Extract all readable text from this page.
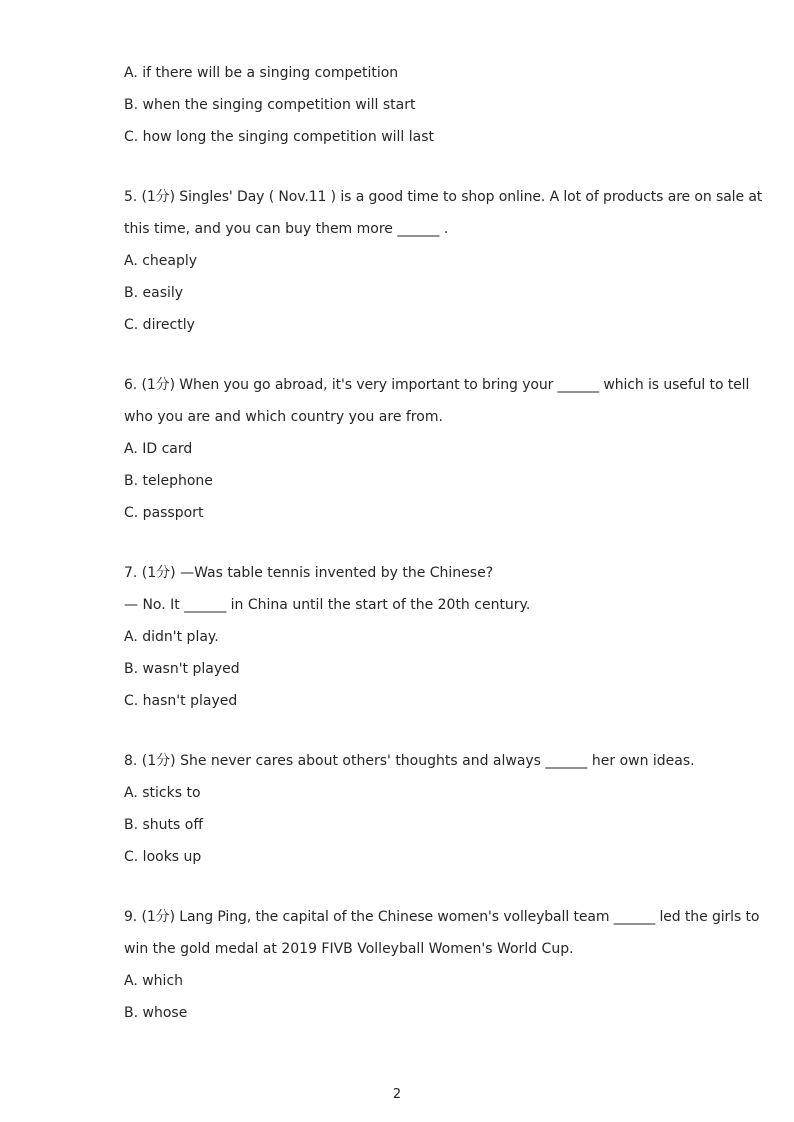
A. if there will be a singing competition
B. when the singing competition will start
C. how long the singing competition will last
5. (1分) Singles' Day ( Nov.11 ) is a good time to shop online. A lot of products are on sale at
this time, and you can buy them more ______ .
A. cheaply
B. easily
C. directly
6. (1分) When you go abroad, it's very important to bring your ______ which is useful to tell
who you are and which country you are from.
A. ID card
B. telephone
C. passport
7. (1分) —Was table tennis invented by the Chinese?
— No. It ______ in China until the start of the 20th century.
A. didn't play.
B. wasn't played
C. hasn't played
8. (1分) She never cares about others' thoughts and always ______ her own ideas.
A. sticks to
B. shuts off
C. looks up
9. (1分) Lang Ping, the capital of the Chinese women's volleyball team ______ led the girls to
win the gold medal at 2019 FIVB Volleyball Women's World Cup.
A. which
B. whose
2
